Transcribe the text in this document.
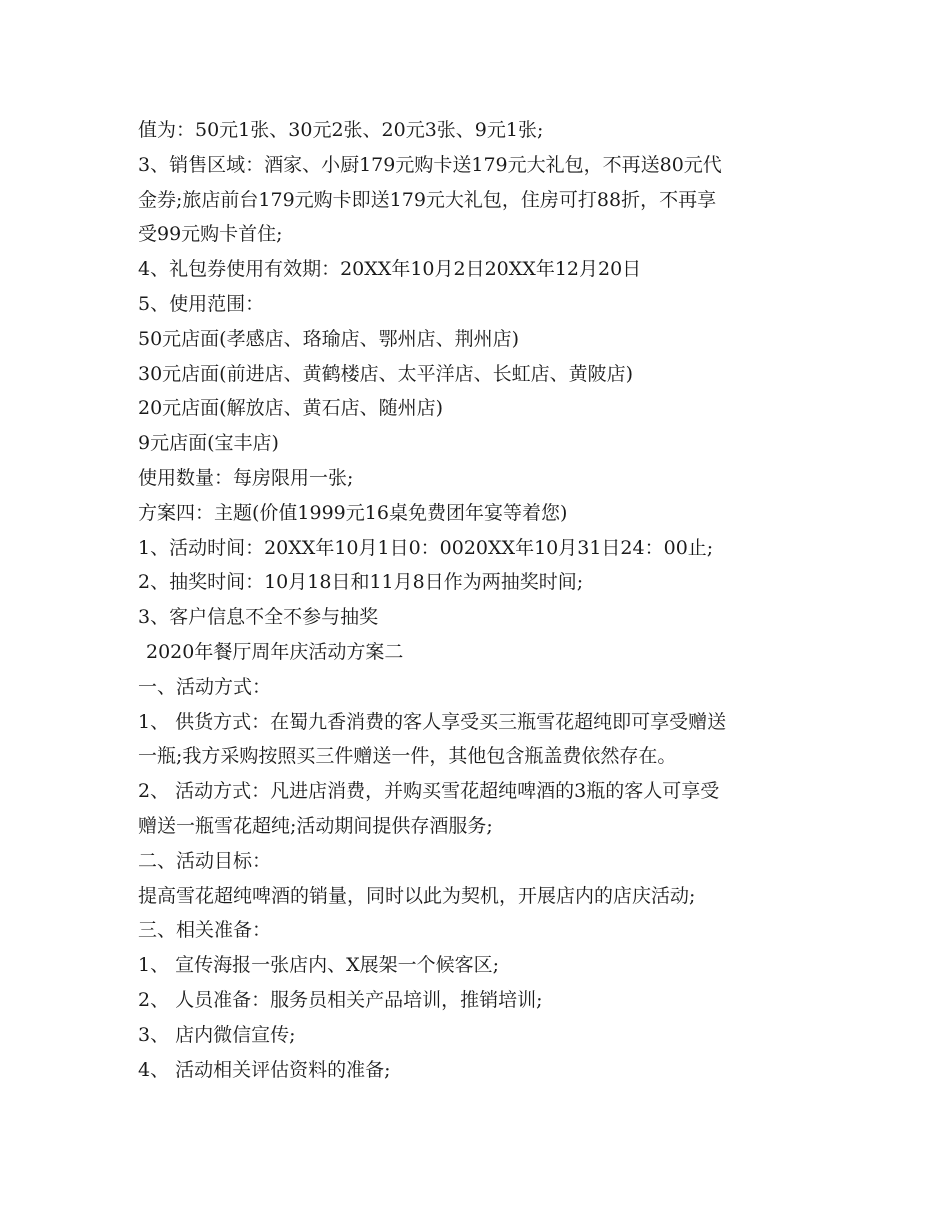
值为：50元1张、30元2张、20元3张、9元1张;

3、销售区域：酒家、小厨179元购卡送179元大礼包，不再送80元代

金券;旅店前台179元购卡即送179元大礼包，住房可打88折，不再享

受99元购卡首住;

4、礼包券使用有效期：20XX年10月2日20XX年12月20日

5、使用范围：

50元店面(孝感店、珞瑜店、鄂州店、荆州店)

30元店面(前进店、黄鹤楼店、太平洋店、长虹店、黄陂店)

20元店面(解放店、黄石店、随州店)

9元店面(宝丰店)

使用数量：每房限用一张;

方案四：主题(价值1999元16桌免费团年宴等着您)

1、活动时间：20XX年10月1日0：0020XX年10月31日24：00止;

2、抽奖时间：10月18日和11月8日作为两抽奖时间;

3、客户信息不全不参与抽奖

2020年餐厅周年庆活动方案二

一、活动方式：

1、 供货方式：在蜀九香消费的客人享受买三瓶雪花超纯即可享受赠送

一瓶;我方采购按照买三件赠送一件，其他包含瓶盖费依然存在。

2、 活动方式：凡进店消费，并购买雪花超纯啤酒的3瓶的客人可享受

赠送一瓶雪花超纯;活动期间提供存酒服务;

二、活动目标：

提高雪花超纯啤酒的销量，同时以此为契机，开展店内的店庆活动;

三、相关准备：

1、 宣传海报一张店内、X展架一个候客区;

2、 人员准备：服务员相关产品培训，推销培训;

3、 店内微信宣传;

4、 活动相关评估资料的准备;
